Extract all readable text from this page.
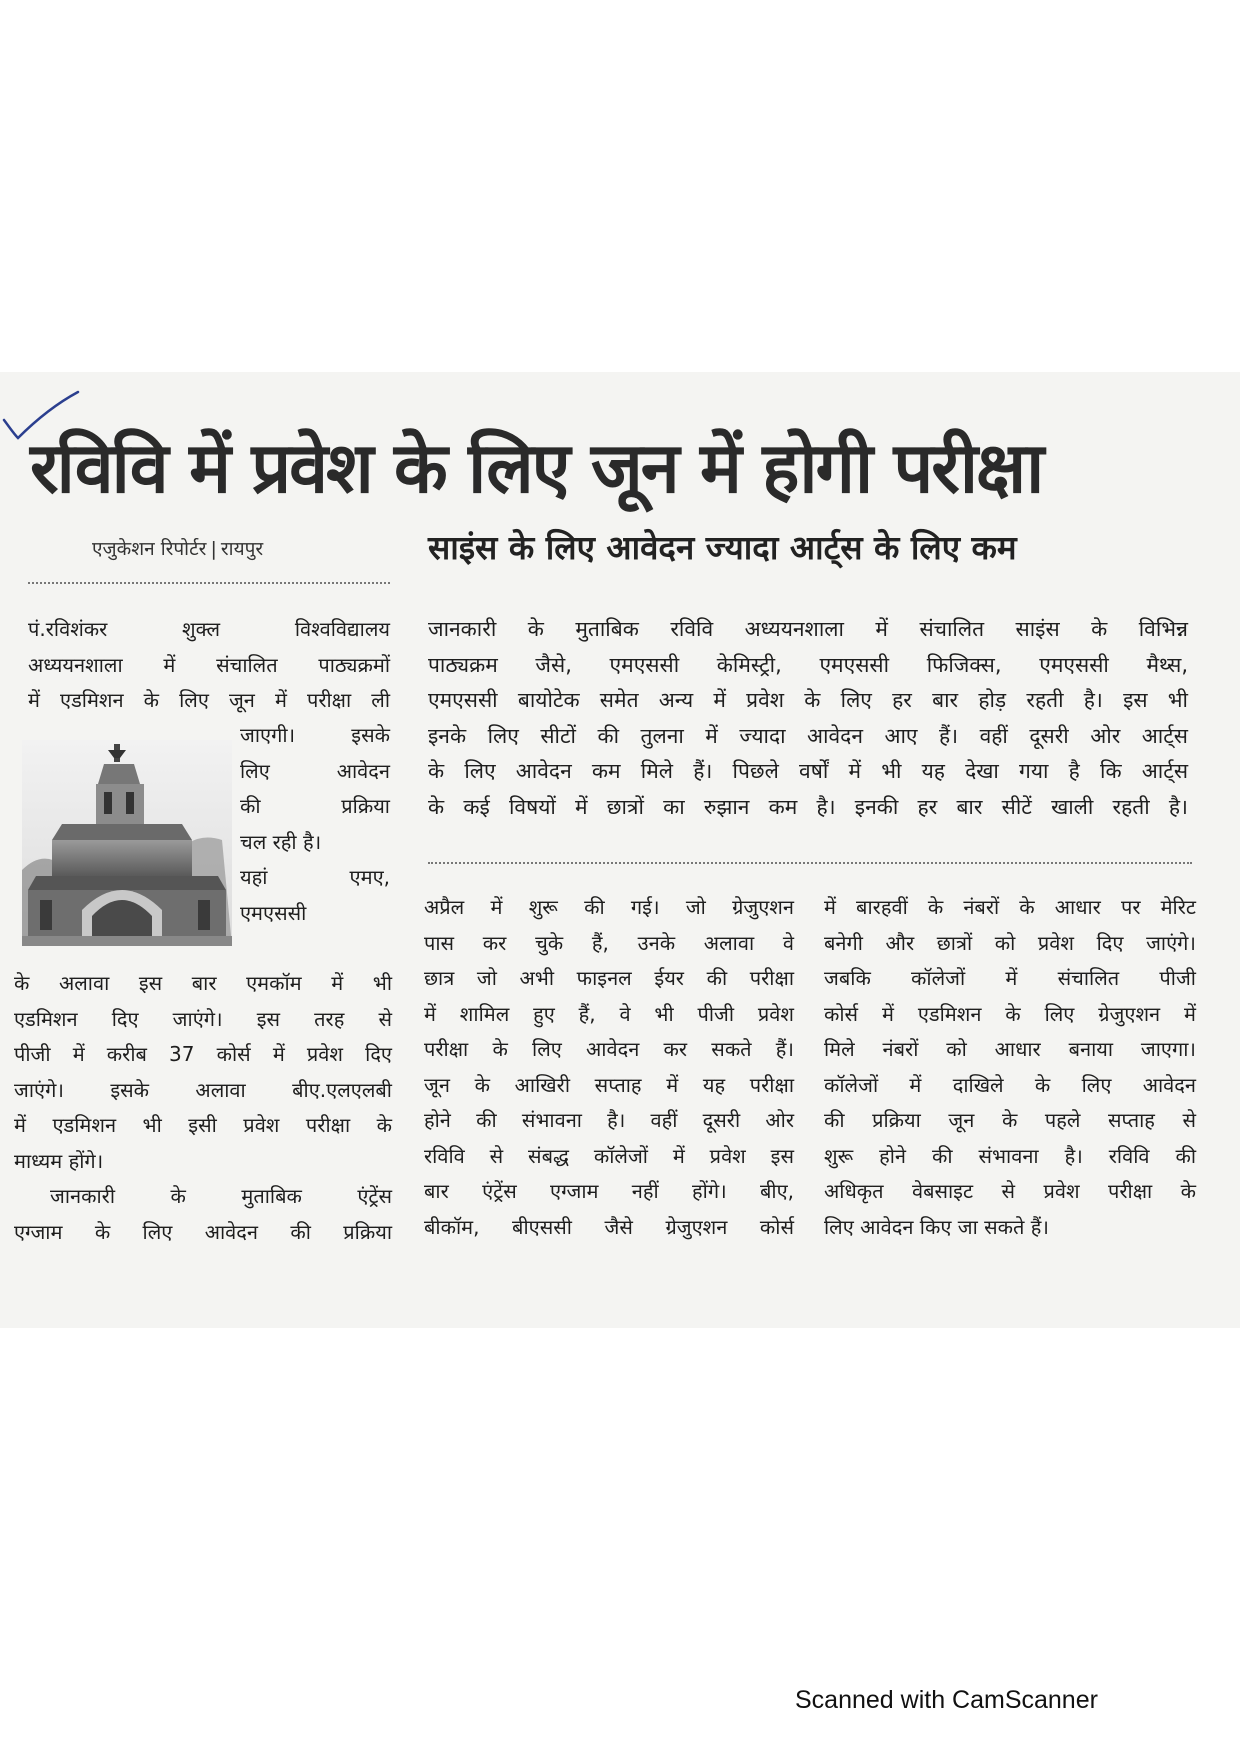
रविवि में प्रवेश के लिए जून में होगी परीक्षा
एजुकेशन रिपोर्टर | रायपुर	साइंस के लिए आवेदन ज्यादा आर्ट्स के लिए कम
पं.रविशंकर शुक्ल विश्वविद्यालय
अध्ययनशाला में संचालित पाठ्यक्रमों
में एडमिशन के लिए जून में परीक्षा ली
जाएगी। इसके
लिए आवेदन
की प्रक्रिया
चल रही है।
यहां एमए,
एमएससी
के अलावा इस बार एमकॉम में भी
एडमिशन दिए जाएंगे। इस तरह से
पीजी में करीब 37 कोर्स में प्रवेश दिए
जाएंगे। इसके अलावा बीए.एलएलबी
में एडमिशन भी इसी प्रवेश परीक्षा के
माध्यम होंगे।
जानकारी के मुताबिक एंट्रेंस
एग्जाम के लिए आवेदन की प्रक्रिया
जानकारी के मुताबिक रविवि अध्ययनशाला में संचालित साइंस के विभिन्न
पाठ्यक्रम जैसे, एमएससी केमिस्ट्री, एमएससी फिजिक्स, एमएससी मैथ्स,
एमएससी बायोटेक समेत अन्य में प्रवेश के लिए हर बार होड़ रहती है। इस भी
इनके लिए सीटों की तुलना में ज्यादा आवेदन आए हैं। वहीं दूसरी ओर आर्ट्स
के लिए आवेदन कम मिले हैं। पिछले वर्षों में भी यह देखा गया है कि आर्ट्स
के कई विषयों में छात्रों का रुझान कम है। इनकी हर बार सीटें खाली रहती है।
अप्रैल में शुरू की गई। जो ग्रेजुएशन
पास कर चुके हैं, उनके अलावा वे
छात्र जो अभी फाइनल ईयर की परीक्षा
में शामिल हुए हैं, वे भी पीजी प्रवेश
परीक्षा के लिए आवेदन कर सकते हैं।
जून के आखिरी सप्ताह में यह परीक्षा
होने की संभावना है। वहीं दूसरी ओर
रविवि से संबद्ध कॉलेजों में प्रवेश इस
बार एंट्रेंस एग्जाम नहीं होंगे। बीए,
बीकॉम, बीएससी जैसे ग्रेजुएशन कोर्स
में बारहवीं के नंबरों के आधार पर मेरिट
बनेगी और छात्रों को प्रवेश दिए जाएंगे।
जबकि कॉलेजों में संचालित पीजी
कोर्स में एडमिशन के लिए ग्रेजुएशन में
मिले नंबरों को आधार बनाया जाएगा।
कॉलेजों में दाखिले के लिए आवेदन
की प्रक्रिया जून के पहले सप्ताह से
शुरू होने की संभावना है। रविवि की
अधिकृत वेबसाइट से प्रवेश परीक्षा के
लिए आवेदन किए जा सकते हैं।
Scanned with CamScanner
